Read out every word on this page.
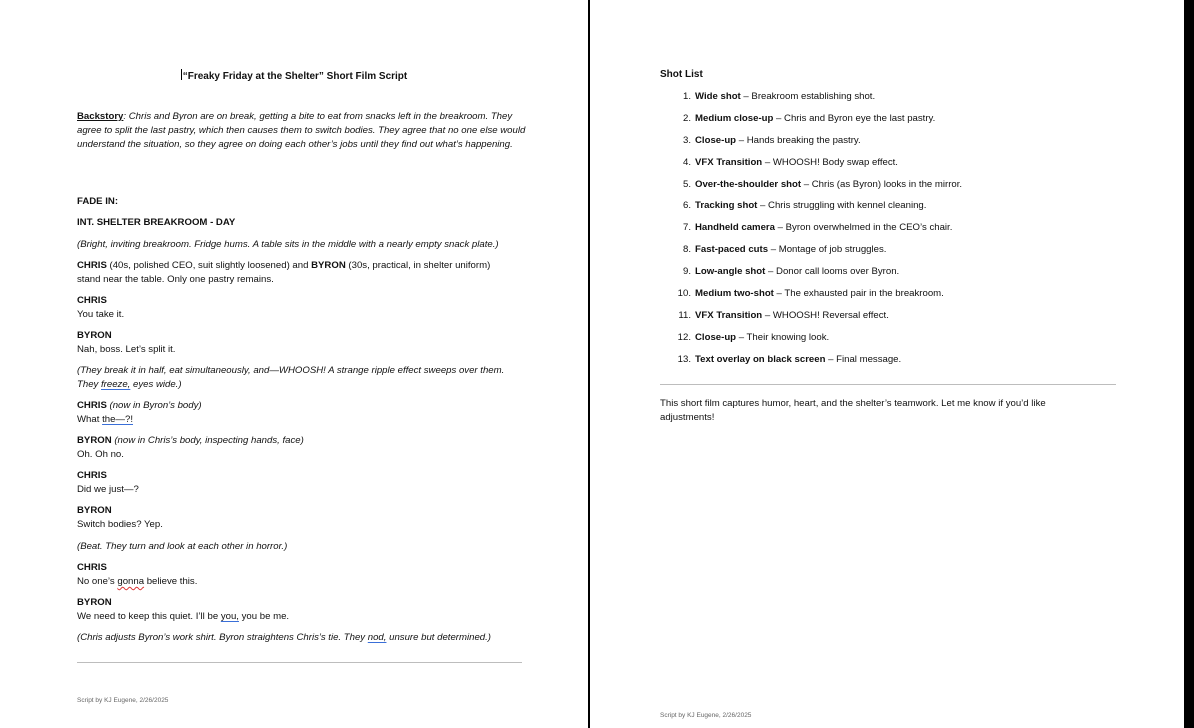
“Freaky Friday at the Shelter” Short Film Script
Backstory: Chris and Byron are on break, getting a bite to eat from snacks left in the breakroom. They agree to split the last pastry, which then causes them to switch bodies. They agree that no one else would understand the situation, so they agree on doing each other’s jobs until they find out what’s happening.
FADE IN:
INT. SHELTER BREAKROOM - DAY
(Bright, inviting breakroom. Fridge hums. A table sits in the middle with a nearly empty snack plate.)
CHRIS (40s, polished CEO, suit slightly loosened) and BYRON (30s, practical, in shelter uniform)
stand near the table. Only one pastry remains.
CHRIS
You take it.
BYRON
Nah, boss. Let’s split it.
(They break it in half, eat simultaneously, and—WHOOSH! A strange ripple effect sweeps over them.
They freeze, eyes wide.)
CHRIS (now in Byron’s body)
What the—?!
BYRON (now in Chris’s body, inspecting hands, face)
Oh. Oh no.
CHRIS
Did we just—?
BYRON
Switch bodies? Yep.
(Beat. They turn and look at each other in horror.)
CHRIS
No one’s gonna believe this.
BYRON
We need to keep this quiet. I’ll be you, you be me.
(Chris adjusts Byron’s work shirt. Byron straightens Chris’s tie. They nod, unsure but determined.)
Script by KJ Eugene, 2/26/2025
Shot List
1. Wide shot – Breakroom establishing shot.
2. Medium close-up – Chris and Byron eye the last pastry.
3. Close-up – Hands breaking the pastry.
4. VFX Transition – WHOOSH! Body swap effect.
5. Over-the-shoulder shot – Chris (as Byron) looks in the mirror.
6. Tracking shot – Chris struggling with kennel cleaning.
7. Handheld camera – Byron overwhelmed in the CEO’s chair.
8. Fast-paced cuts – Montage of job struggles.
9. Low-angle shot – Donor call looms over Byron.
10. Medium two-shot – The exhausted pair in the breakroom.
11. VFX Transition – WHOOSH! Reversal effect.
12. Close-up – Their knowing look.
13. Text overlay on black screen – Final message.
This short film captures humor, heart, and the shelter’s teamwork. Let me know if you’d like adjustments!
Script by KJ Eugene, 2/26/2025
